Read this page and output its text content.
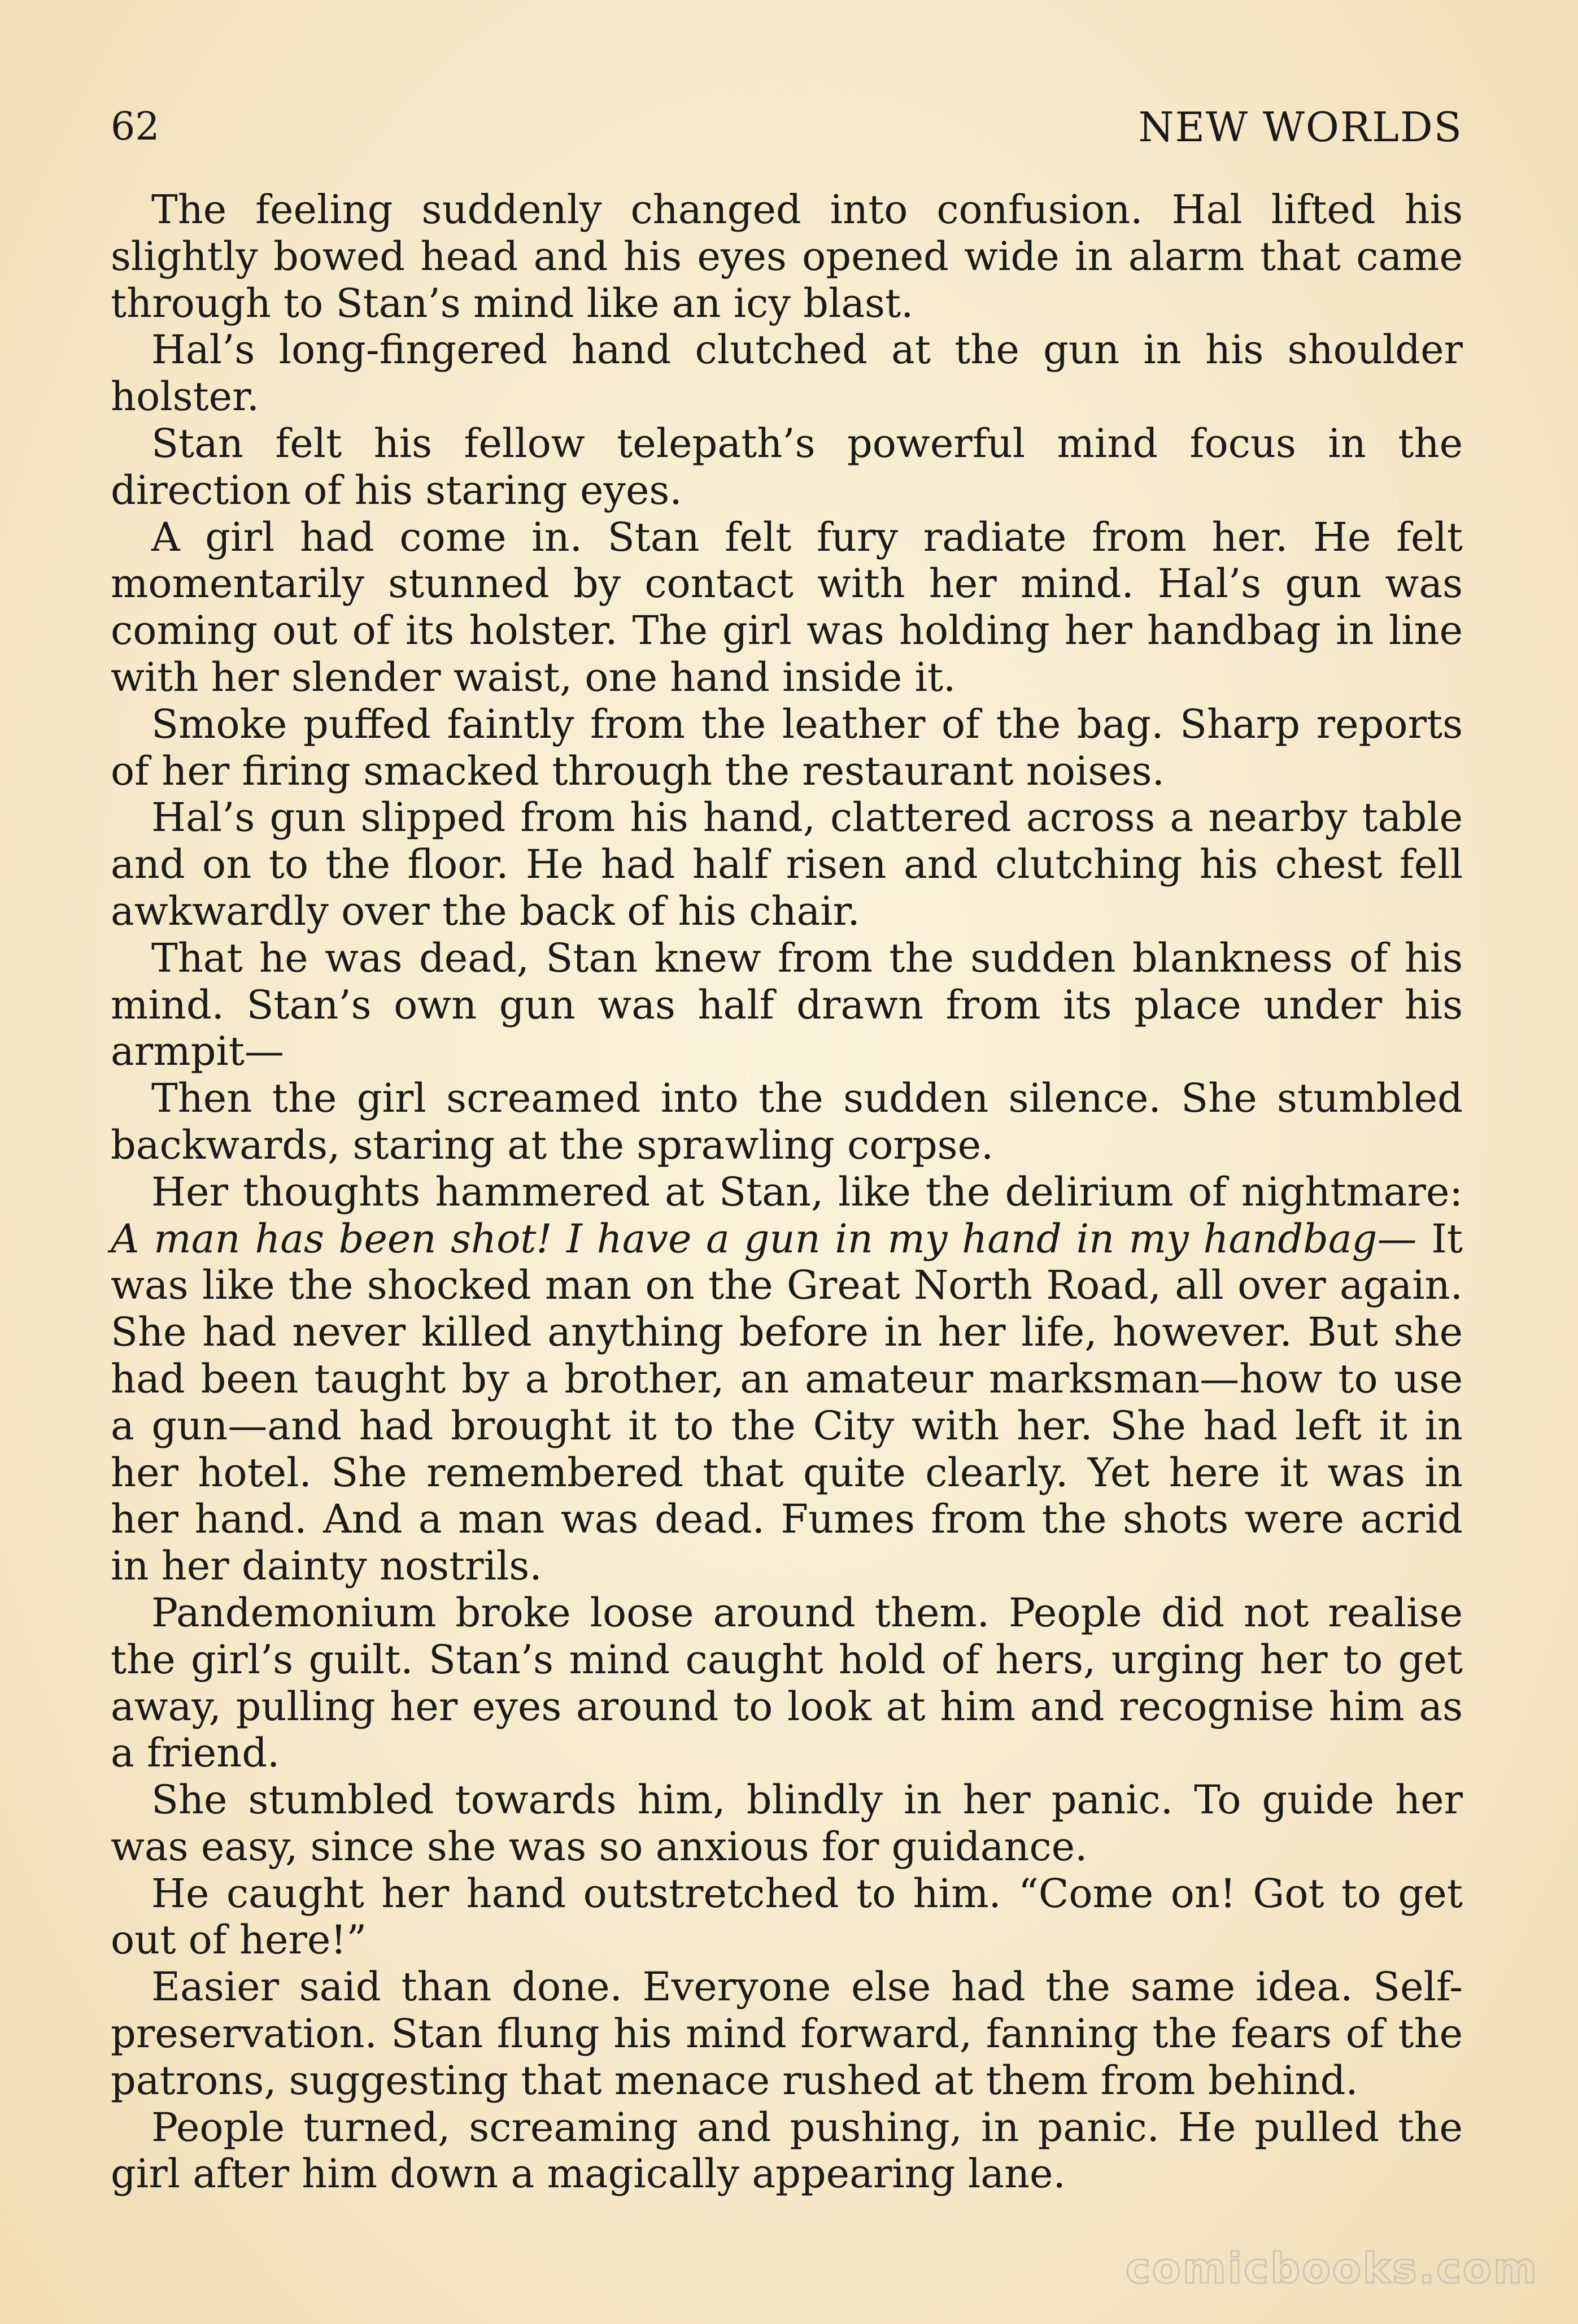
62	NEW WORLDS

The feeling suddenly changed into confusion. Hal lifted his slightly bowed head and his eyes opened wide in alarm that came through to Stan’s mind like an icy blast.

Hal’s long-fingered hand clutched at the gun in his shoulder holster.

Stan felt his fellow telepath’s powerful mind focus in the direction of his staring eyes.

A girl had come in. Stan felt fury radiate from her. He felt momentarily stunned by contact with her mind. Hal’s gun was coming out of its holster. The girl was holding her handbag in line with her slender waist, one hand inside it.

Smoke puffed faintly from the leather of the bag. Sharp reports of her firing smacked through the restaurant noises.

Hal’s gun slipped from his hand, clattered across a nearby table and on to the floor. He had half risen and clutching his chest fell awkwardly over the back of his chair.

That he was dead, Stan knew from the sudden blankness of his mind. Stan’s own gun was half drawn from its place under his armpit—

Then the girl screamed into the sudden silence. She stumbled backwards, staring at the sprawling corpse.

Her thoughts hammered at Stan, like the delirium of nightmare: A man has been shot! I have a gun in my hand in my handbag— It was like the shocked man on the Great North Road, all over again. She had never killed anything before in her life, however. But she had been taught by a brother, an amateur marksman—how to use a gun—and had brought it to the City with her. She had left it in her hotel. She remembered that quite clearly. Yet here it was in her hand. And a man was dead. Fumes from the shots were acrid in her dainty nostrils.

Pandemonium broke loose around them. People did not realise the girl’s guilt. Stan’s mind caught hold of hers, urging her to get away, pulling her eyes around to look at him and recognise him as a friend.

She stumbled towards him, blindly in her panic. To guide her was easy, since she was so anxious for guidance.

He caught her hand outstretched to him. “Come on! Got to get out of here!”

Easier said than done. Everyone else had the same idea. Self-preservation. Stan flung his mind forward, fanning the fears of the patrons, suggesting that menace rushed at them from behind.

People turned, screaming and pushing, in panic. He pulled the girl after him down a magically appearing lane.

comicbooks.com
